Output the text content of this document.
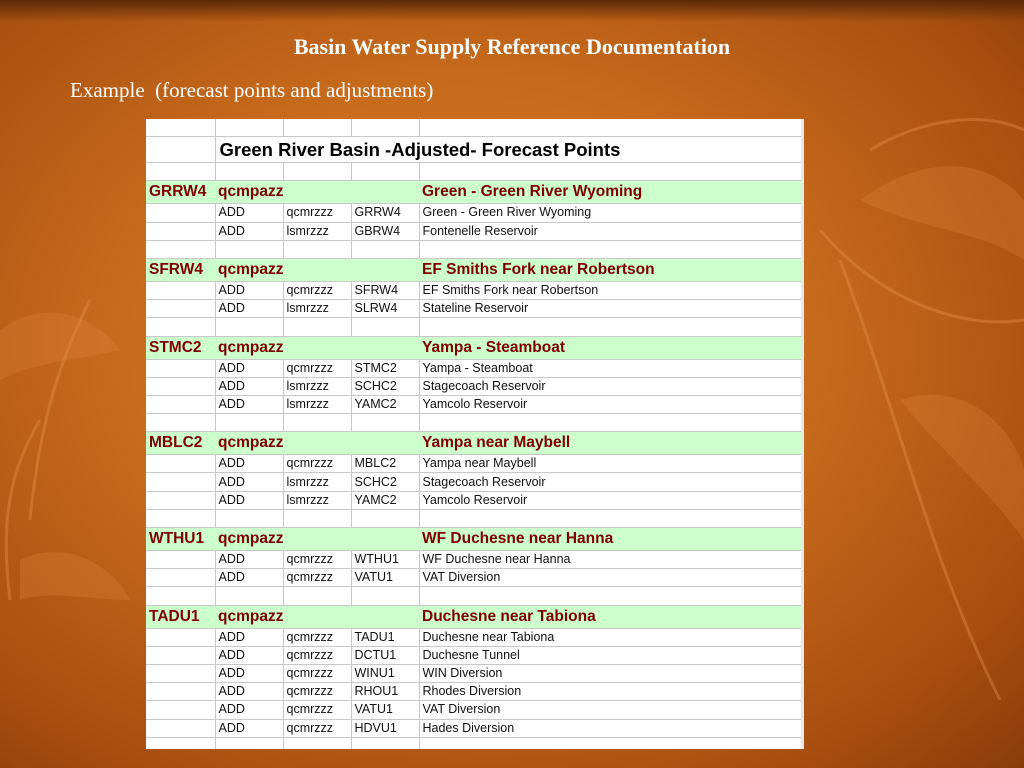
Basin Water Supply Reference Documentation
Example  (forecast points and adjustments)

	Green River Basin -Adjusted- Forecast Points			

GRRW4	qcmpazz			Green - Green River Wyoming
	ADD	qcmrzzz	GRRW4	Green - Green River Wyoming
	ADD	lsmrzzz	GBRW4	Fontenelle Reservoir

SFRW4	qcmpazz			EF Smiths Fork near Robertson
	ADD	qcmrzzz	SFRW4	EF Smiths Fork near Robertson
	ADD	lsmrzzz	SLRW4	Stateline Reservoir

STMC2	qcmpazz			Yampa - Steamboat
	ADD	qcmrzzz	STMC2	Yampa - Steamboat
	ADD	lsmrzzz	SCHC2	Stagecoach Reservoir
	ADD	lsmrzzz	YAMC2	Yamcolo Reservoir

MBLC2	qcmpazz			Yampa near Maybell
	ADD	qcmrzzz	MBLC2	Yampa near Maybell
	ADD	lsmrzzz	SCHC2	Stagecoach Reservoir
	ADD	lsmrzzz	YAMC2	Yamcolo Reservoir

WTHU1	qcmpazz			WF Duchesne near Hanna
	ADD	qcmrzzz	WTHU1	WF Duchesne near Hanna
	ADD	qcmrzzz	VATU1	VAT Diversion

TADU1	qcmpazz			Duchesne near Tabiona
	ADD	qcmrzzz	TADU1	Duchesne near Tabiona
	ADD	qcmrzzz	DCTU1	Duchesne Tunnel
	ADD	qcmrzzz	WINU1	WIN Diversion
	ADD	qcmrzzz	RHOU1	Rhodes Diversion
	ADD	qcmrzzz	VATU1	VAT Diversion
	ADD	qcmrzzz	HDVU1	Hades Diversion
